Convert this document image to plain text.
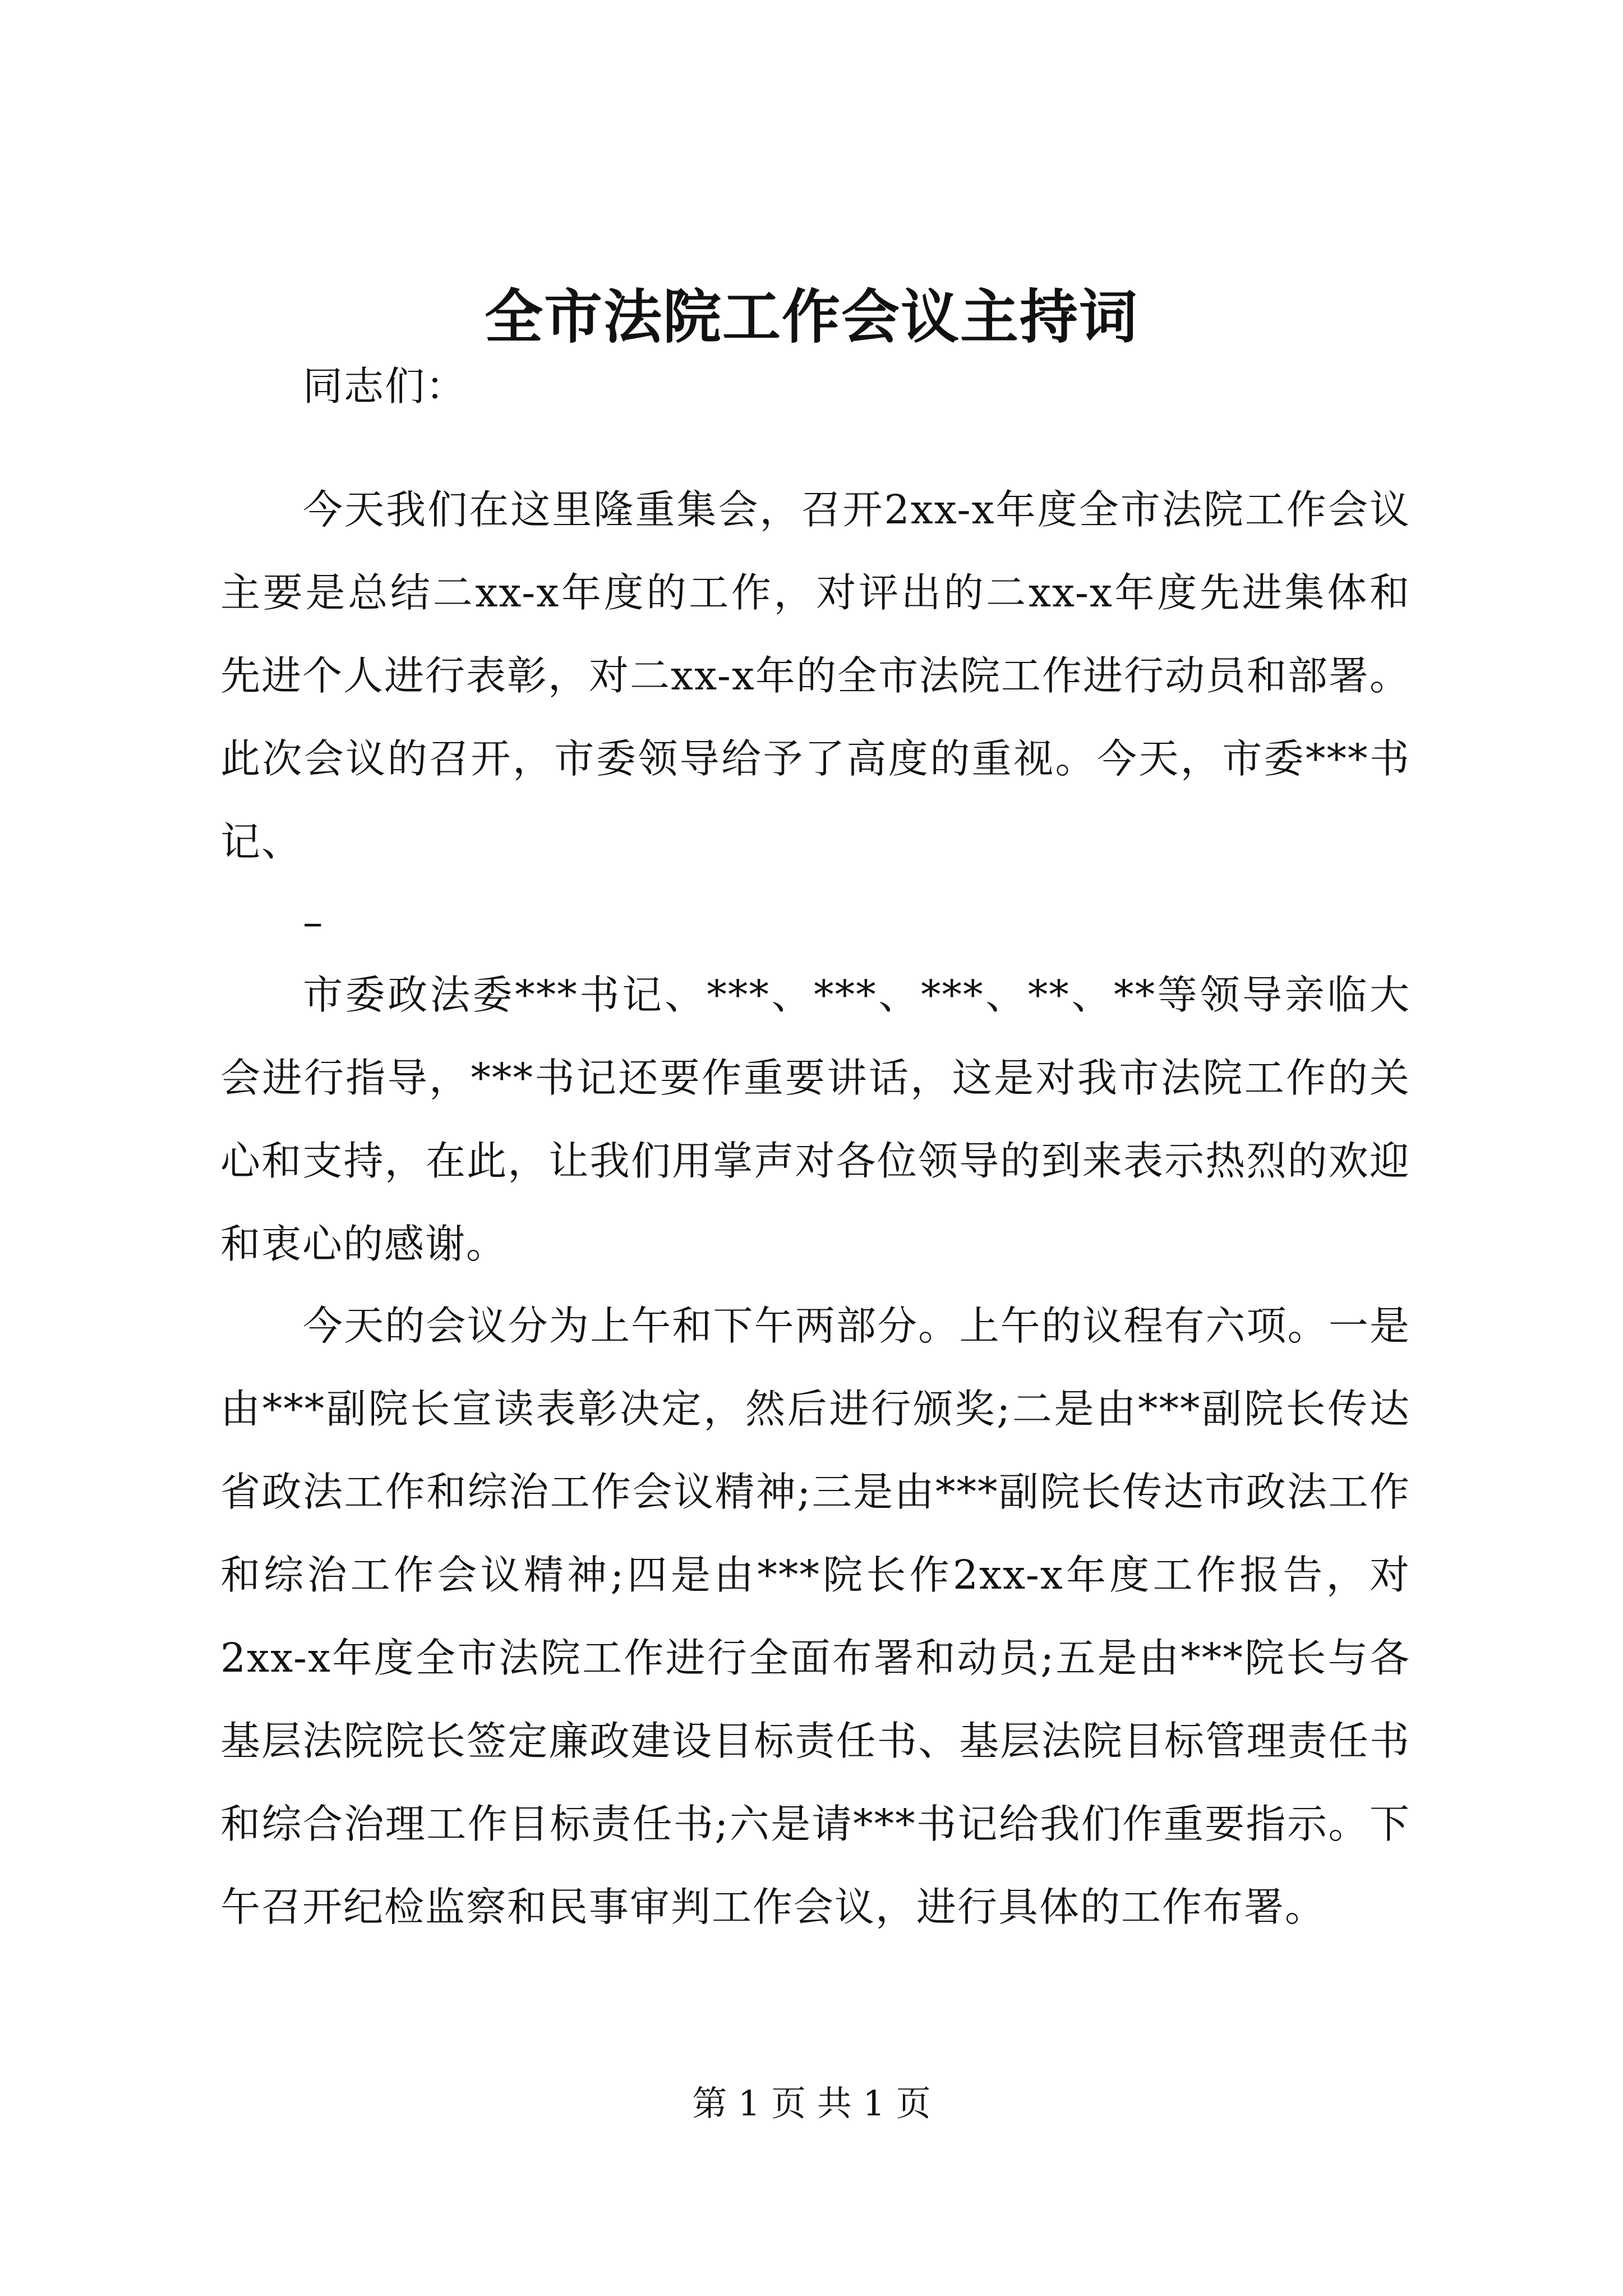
全市法院工作会议主持词

同志们：

今天我们在这里隆重集会，召开2xx-x年度全市法院工作会议主要是总结二xx-x年度的工作，对评出的二xx-x年度先进集体和先进个人进行表彰，对二xx-x年的全市法院工作进行动员和部署。此次会议的召开，市委领导给予了高度的重视。今天，市委***书记、

–

市委政法委***书记、***、***、***、**、**等领导亲临大会进行指导，***书记还要作重要讲话，这是对我市法院工作的关心和支持，在此，让我们用掌声对各位领导的到来表示热烈的欢迎和衷心的感谢。

今天的会议分为上午和下午两部分。上午的议程有六项。一是由***副院长宣读表彰决定，然后进行颁奖;二是由***副院长传达省政法工作和综治工作会议精神;三是由***副院长传达市政法工作和综治工作会议精神;四是由***院长作2xx-x年度工作报告，对2xx-x年度全市法院工作进行全面布署和动员;五是由***院长与各基层法院院长签定廉政建设目标责任书、基层法院目标管理责任书和综合治理工作目标责任书;六是请***书记给我们作重要指示。下午召开纪检监察和民事审判工作会议，进行具体的工作布署。

第 1 页 共 1 页
